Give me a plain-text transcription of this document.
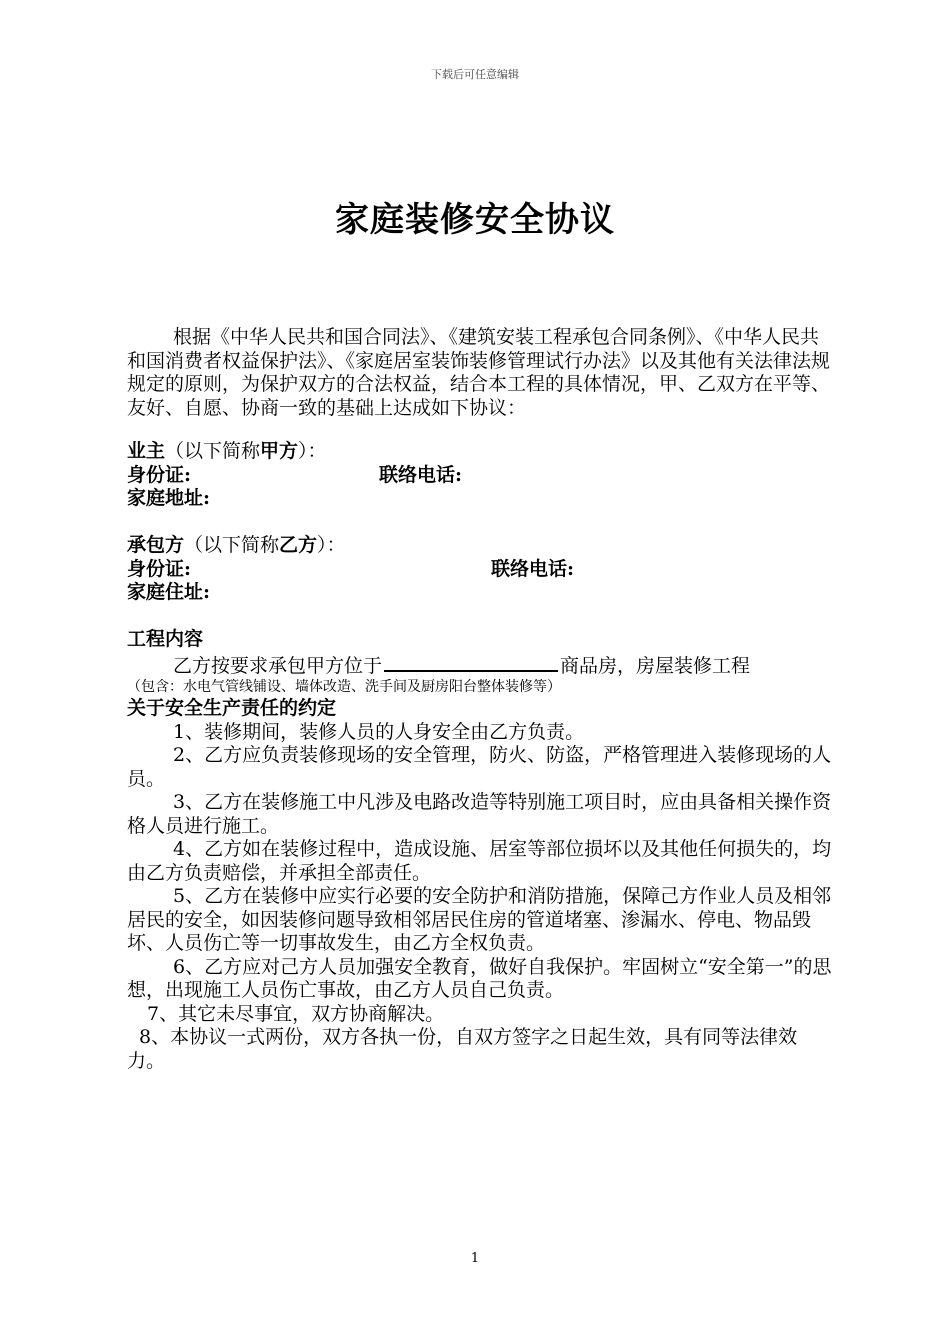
下载后可任意编辑
家庭装修安全协议

根据《中华人民共和国合同法》、《建筑安装工程承包合同条例》、《中华人民共和国消费者权益保护法》、《家庭居室装饰装修管理试行办法》以及其他有关法律法规规定的原则，为保护双方的合法权益，结合本工程的具体情况，甲、乙双方在平等、友好、自愿、协商一致的基础上达成如下协议：

业主（以下简称甲方）：

身份证:	联络电话:

家庭地址:

承包方（以下简称乙方）：

身份证:	联络电话:

家庭住址:

工程内容

乙方按要求承包甲方位于	商品房，房屋装修工程

（包含：水电气管线铺设、墙体改造、洗手间及厨房阳台整体装修等）

关于安全生产责任的约定

1、装修期间，装修人员的人身安全由乙方负责。

2、乙方应负责装修现场的安全管理，防火、防盗，严格管理进入装修现场的人员。

3、乙方在装修施工中凡涉及电路改造等特别施工项目时，应由具备相关操作资格人员进行施工。

4、乙方如在装修过程中，造成设施、居室等部位损坏以及其他任何损失的，均由乙方负责赔偿，并承担全部责任。

5、乙方在装修中应实行必要的安全防护和消防措施，保障己方作业人员及相邻居民的安全，如因装修问题导致相邻居民住房的管道堵塞、渗漏水、停电、物品毁坏、人员伤亡等一切事故发生，由乙方全权负责。

6、乙方应对己方人员加强安全教育，做好自我保护。牢固树立“安全第一”的思想，出现施工人员伤亡事故，由乙方人员自己负责。

7、其它未尽事宜，双方协商解决。

8、本协议一式两份，双方各执一份，自双方签字之日起生效，具有同等法律效力。

1
